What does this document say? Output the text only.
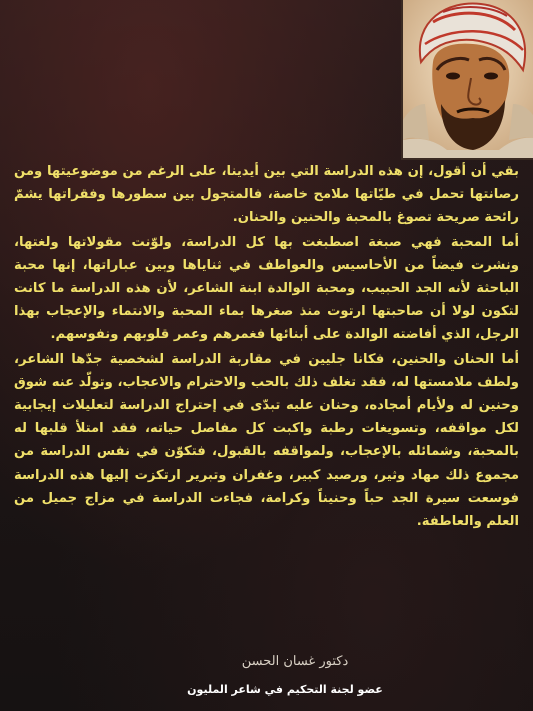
بقي أن أقول، إن هذه الدراسة التي بين أيدينا، على الرغم من موضوعيتها ومن رصانتها تحمل في طيّاتها ملامح خاصة، فالمتجول بين سطورها وفقراتها يشمّ رائحة صريحة تصوغ بالمحبة والحنين والحنان.

أما المحبة فهي صبغة اصطبغت بها كل الدراسة، ولوّنت مقولاتها ولغتها، ونشرت فيضاً من الأحاسيس والعواطف في ثناياها وبين عباراتها، إنها محبة الباحثة لأنه الجد الحبيب، ومحبة الوالدة ابنة الشاعر، لأن هذه الدراسة ما كانت لتكون لولا أن صاحبتها ارتوت منذ صغرها بماء المحبة والانتماء والإعجاب بهذا الرجل، الذي أفاضته الوالدة على أبنائها فغمرهم وعمر قلوبهم ونفوسهم.

أما الحنان والحنين، فكانا جليين في مقاربة الدراسة لشخصية جدّها الشاعر، ولطف ملامستها له، فقد تغلف ذلك بالحب والاحترام والاعجاب، وتولّد عنه شوق وحنين له ولأيام أمجاده، وحنان عليه تبدّى في إحتراج الدراسة لتعليلات إيجابية لكل مواقفه، وتسويغات رطبة واكبت كل مفاصل حياته، فقد امتلأ قلبها له بالمحبة، وشمائله بالإعجاب، ولمواقفه بالقبول، فتكوّن في نفس الدراسة من مجموع ذلك مهاد وثير، ورصيد كبير، وغفران وتبرير ارتكزت إليها هذه الدراسة فوسعت سيرة الجد حباً وحنيناً وكرامة، فجاءت الدراسة في مزاج جميل من العلم والعاطفة.

دكتور غسان الحسن
عضو لجنة التحكيم في شاعر المليون
